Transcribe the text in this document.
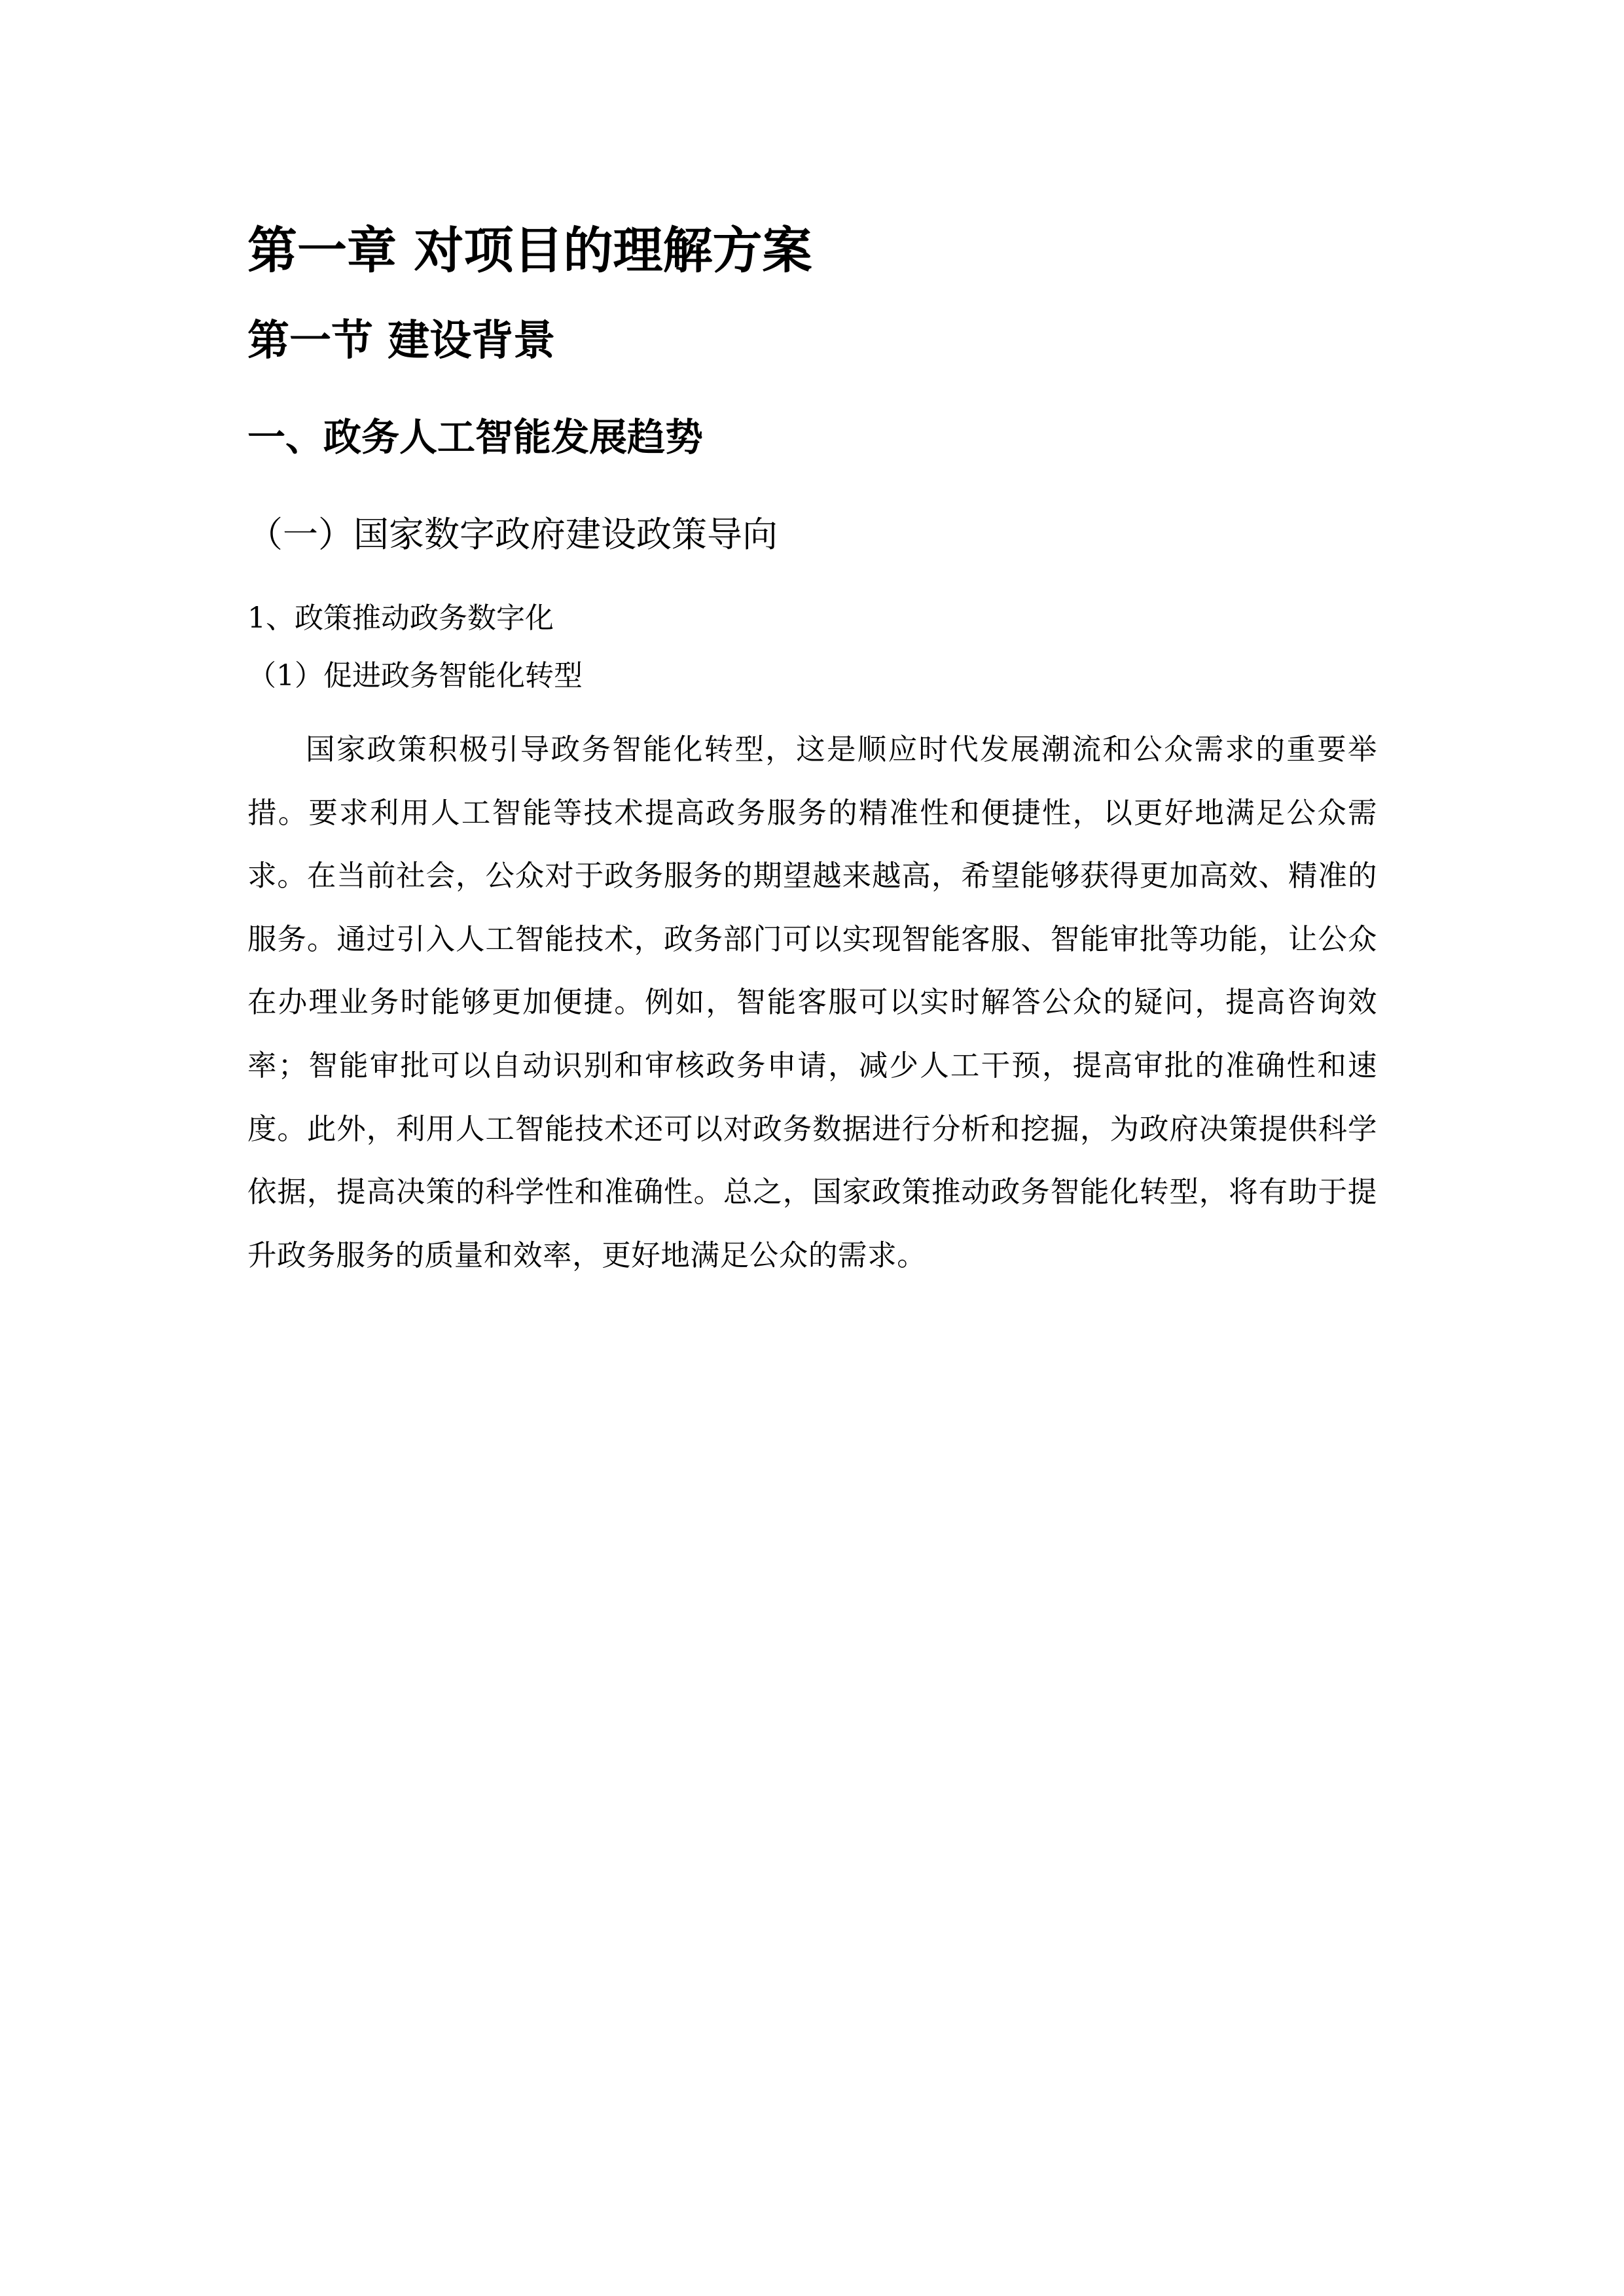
第一章 对项目的理解方案
第一节 建设背景
一、政务人工智能发展趋势
（一）国家数字政府建设政策导向

1、政策推动政务数字化

（1）促进政务智能化转型

国家政策积极引导政务智能化转型，这是顺应时代发展潮流和公众需求的重要举措。要求利用人工智能等技术提高政务服务的精准性和便捷性，以更好地满足公众需求。在当前社会，公众对于政务服务的期望越来越高，希望能够获得更加高效、精准的服务。通过引入人工智能技术，政务部门可以实现智能客服、智能审批等功能，让公众在办理业务时能够更加便捷。例如，智能客服可以实时解答公众的疑问，提高咨询效率；智能审批可以自动识别和审核政务申请，减少人工干预，提高审批的准确性和速度。此外，利用人工智能技术还可以对政务数据进行分析和挖掘，为政府决策提供科学依据，提高决策的科学性和准确性。总之，国家政策推动政务智能化转型，将有助于提升政务服务的质量和效率，更好地满足公众的需求。
